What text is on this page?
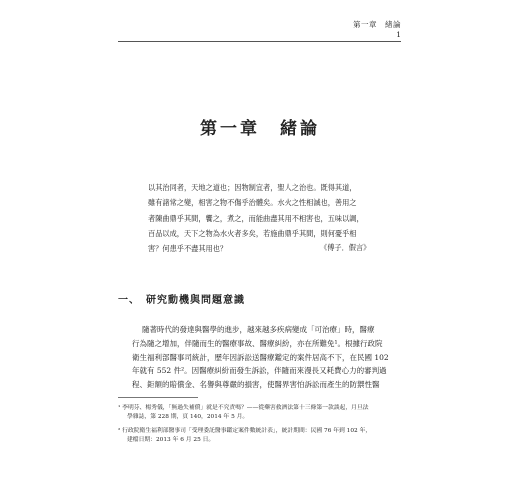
第一章　緒論
1
第一章　緒論
以其治同者，天地之道也；因物制宜者，聖人之治也。既得其道，
雖有諸常之變，相害之物不傷乎治體矣。水火之性相滅也，善用之
者陳曲鼎乎其間，饗之，煮之，而能曲盡其用不相害也，五味以調，
百品以成，天下之物為水火者多矣，若施曲鼎乎其間，則何憂乎相
害？何患乎不盡其用也？	《傅子．假言》
一、　研究動機與問題意識
隨著時代的發達與醫學的進步，越來越多疾病變成「可治療」時，醫療
行為隨之增加，伴隨而生的醫療事故、醫療糾紛，亦在所難免¹。根據行政院
衛生福利部醫事司統計，歷年因訴訟送醫療鑑定的案件居高不下，在民國 102
年就有 552 件²。因醫療糾紛而發生訴訟，伴隨而來漫長又耗費心力的審判過
程、鉅額的賠償金、名譽與尊嚴的損害，使醫界害怕訴訟而產生的防禦性醫
¹ 李明芬、楊秀儀，「無過失補償」就是不究責嗎？——從藥害救濟法第十三條第一款談起，月旦法
學雜誌，第 228 期，頁 140，2014 年 5 月。
² 行政院衛生福利部醫事司「受理委託醫事鑑定案件數統計表」，統計期間：民國 76 年到 102 年，
建檔日期：2013 年 6 月 25 日。
